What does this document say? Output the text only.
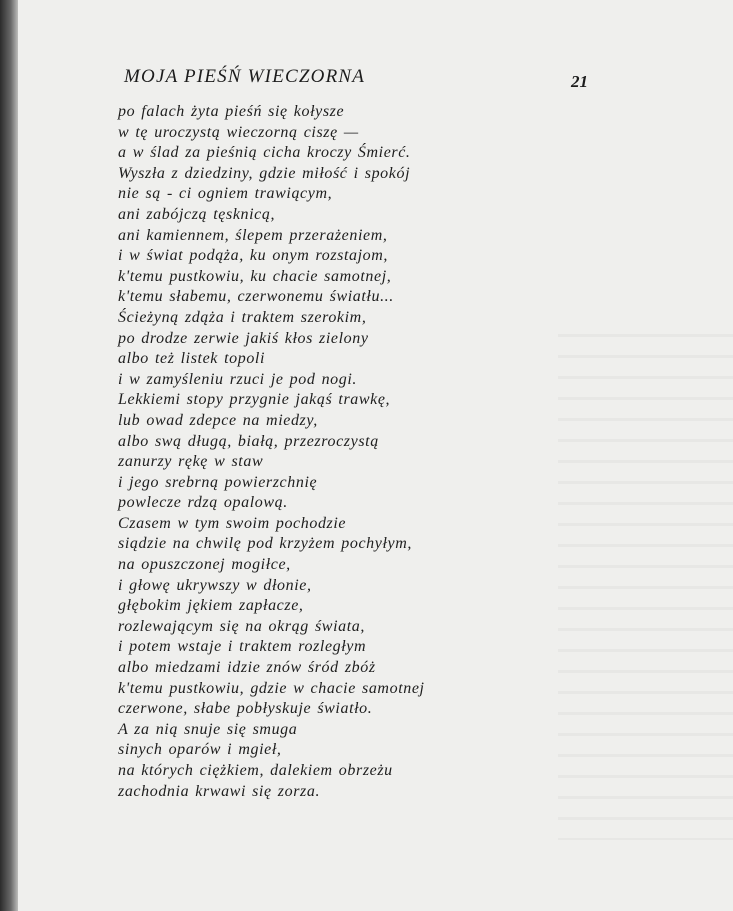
MOJA PIEŚŃ WIECZORNA	21
po falach żyta pieśń się kołysze
w tę uroczystą wieczorną ciszę —
a w ślad za pieśnią cicha kroczy Śmierć.
Wyszła z dziedziny, gdzie miłość i spokój
nie są - ci ogniem trawiącym,
ani zabójczą tęsknicą,
ani kamiennem, ślepem przerażeniem,
i w świat podąża, ku onym rozstajom,
k'temu pustkowiu, ku chacie samotnej,
k'temu słabemu, czerwonemu światłu...
Ścieżyną zdąża i traktem szerokim,
po drodze zerwie jakiś kłos zielony
albo też listek topoli
i w zamyśleniu rzuci je pod nogi.
Lekkiemi stopy przygnie jakąś trawkę,
lub owad zdepce na miedzy,
albo swą długą, białą, przezroczystą
zanurzy rękę w staw
i jego srebrną powierzchnię
powlecze rdzą opalową.
Czasem w tym swoim pochodzie
siądzie na chwilę pod krzyżem pochyłym,
na opuszczonej mogiłce,
i głowę ukrywszy w dłonie,
głębokim jękiem zapłacze,
rozlewającym się na okrąg świata,
i potem wstaje i traktem rozległym
albo miedzami idzie znów śród zbóż
k'temu pustkowiu, gdzie w chacie samotnej
czerwone, słabe pobłyskuje światło.
A za nią snuje się smuga
sinych oparów i mgieł,
na których ciężkiem, dalekiem obrzeżu
zachodnia krwawi się zorza.
